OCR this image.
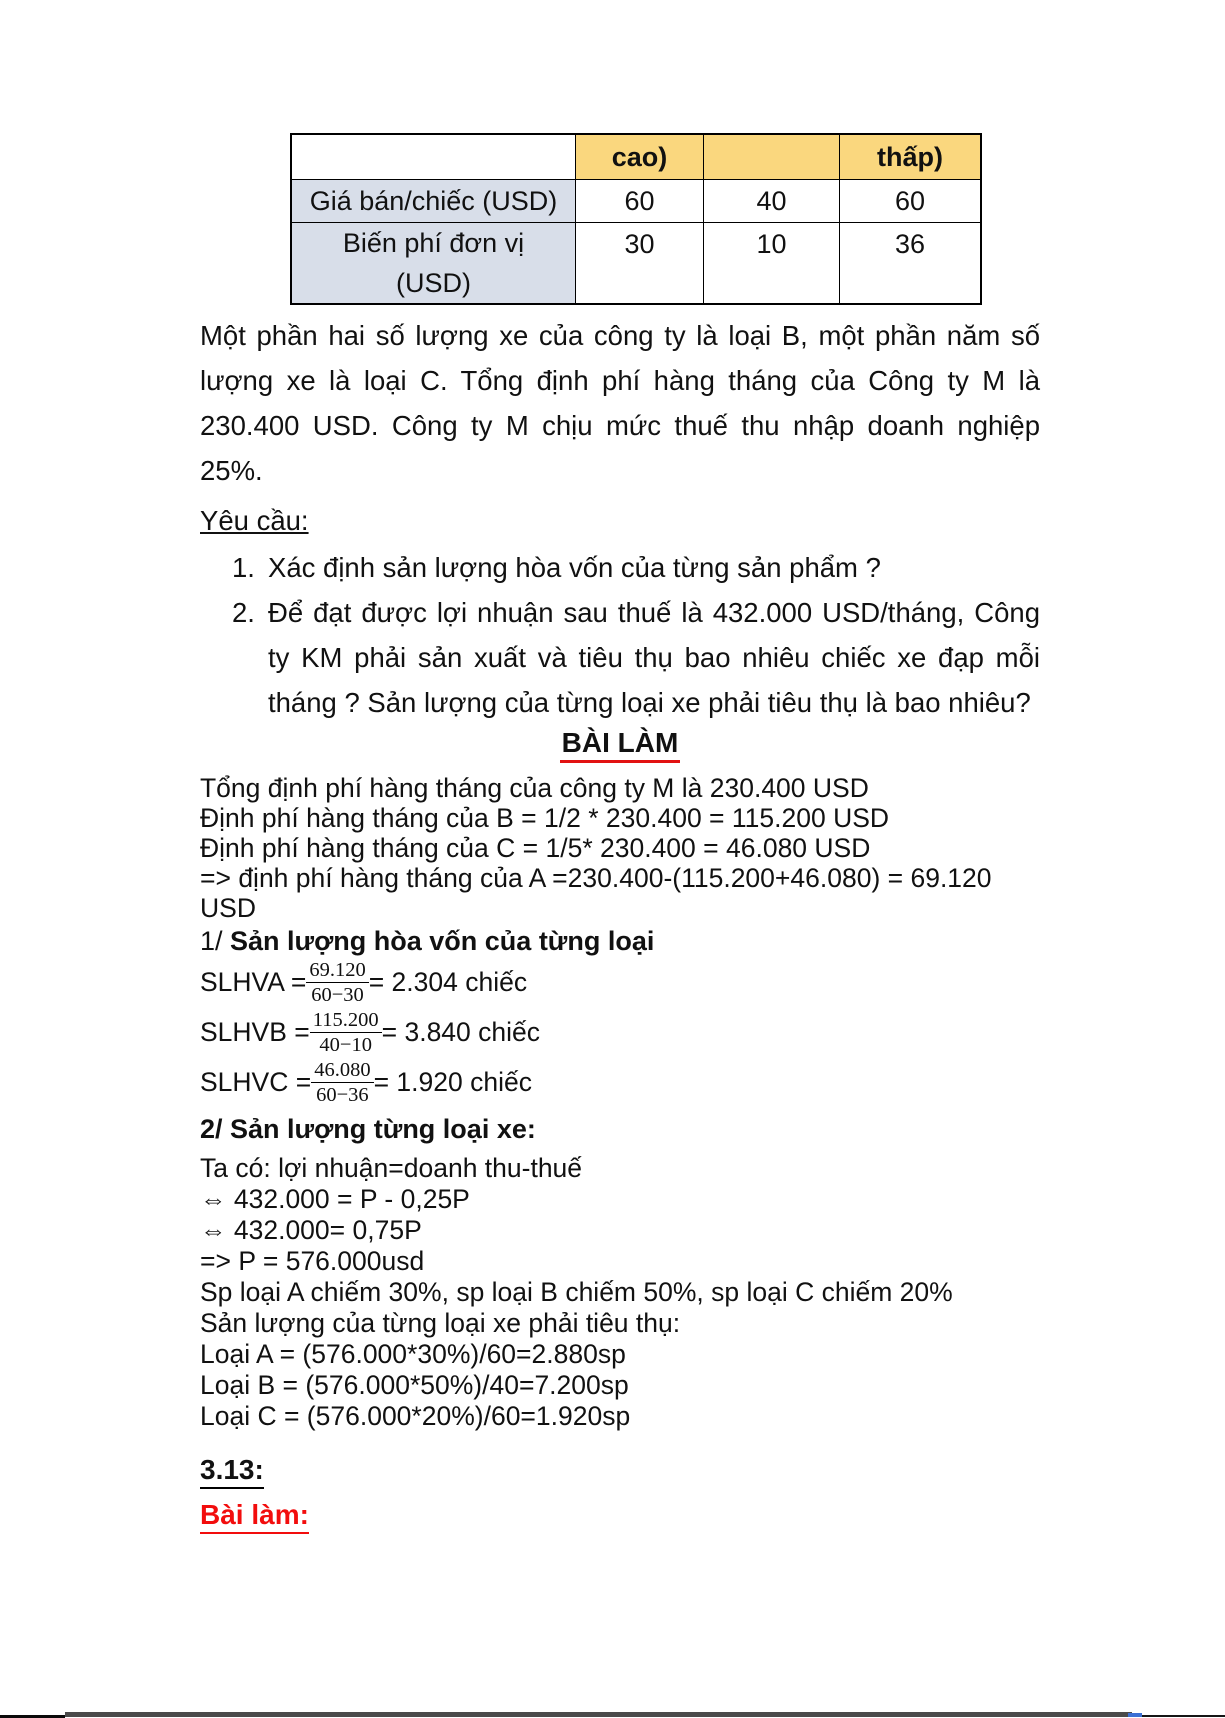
	cao)		thấp)
Giá bán/chiếc (USD)	60	40	60

Biến phí đơn vị
(USD)	30	10	36
Một phần hai số lượng xe của công ty là loại B, một phần năm số lượng xe là loại C. Tổng định phí hàng tháng của Công ty M là 230.400 USD. Công ty M chịu mức thuế thu nhập doanh nghiệp 25%.
Yêu cầu:
1. Xác định sản lượng hòa vốn của từng sản phẩm ?
2. Để đạt được lợi nhuận sau thuế là 432.000 USD/tháng, Công ty KM phải sản xuất và tiêu thụ bao nhiêu chiếc xe đạp mỗi tháng ? Sản lượng của từng loại xe phải tiêu thụ là bao nhiêu?
BÀI LÀM
Tổng định phí hàng tháng của công ty M là 230.400 USD
Định phí hàng tháng của B = 1/2 * 230.400 = 115.200 USD
Định phí hàng tháng của C = 1/5* 230.400 = 46.080 USD
=> định phí hàng tháng của A =230.400-(115.200+46.080) = 69.120 USD
1/ Sản lượng hòa vốn của từng loại
SLHVA = $\frac{69.120}{60-30} = 2.304$ chiếc
SLHVB = $\frac{115.200}{40-10} = 3.840$ chiếc
SLHVC = $\frac{46.080}{60-36} = 1.920$ chiếc
2/ Sản lượng từng loại xe:
Ta có: lợi nhuận=doanh thu-thuế
⇔ 432.000 = P - 0,25P
⇔ 432.000= 0,75P
=> P = 576.000usd
Sp loại A chiếm 30%, sp loại B chiếm 50%, sp loại C chiếm 20%
Sản lượng của từng loại xe phải tiêu thụ:
Loại A = (576.000*30%)/60=2.880sp
Loại B = (576.000*50%)/40=7.200sp
Loại C = (576.000*20%)/60=1.920sp
3.13:
Bài làm:
